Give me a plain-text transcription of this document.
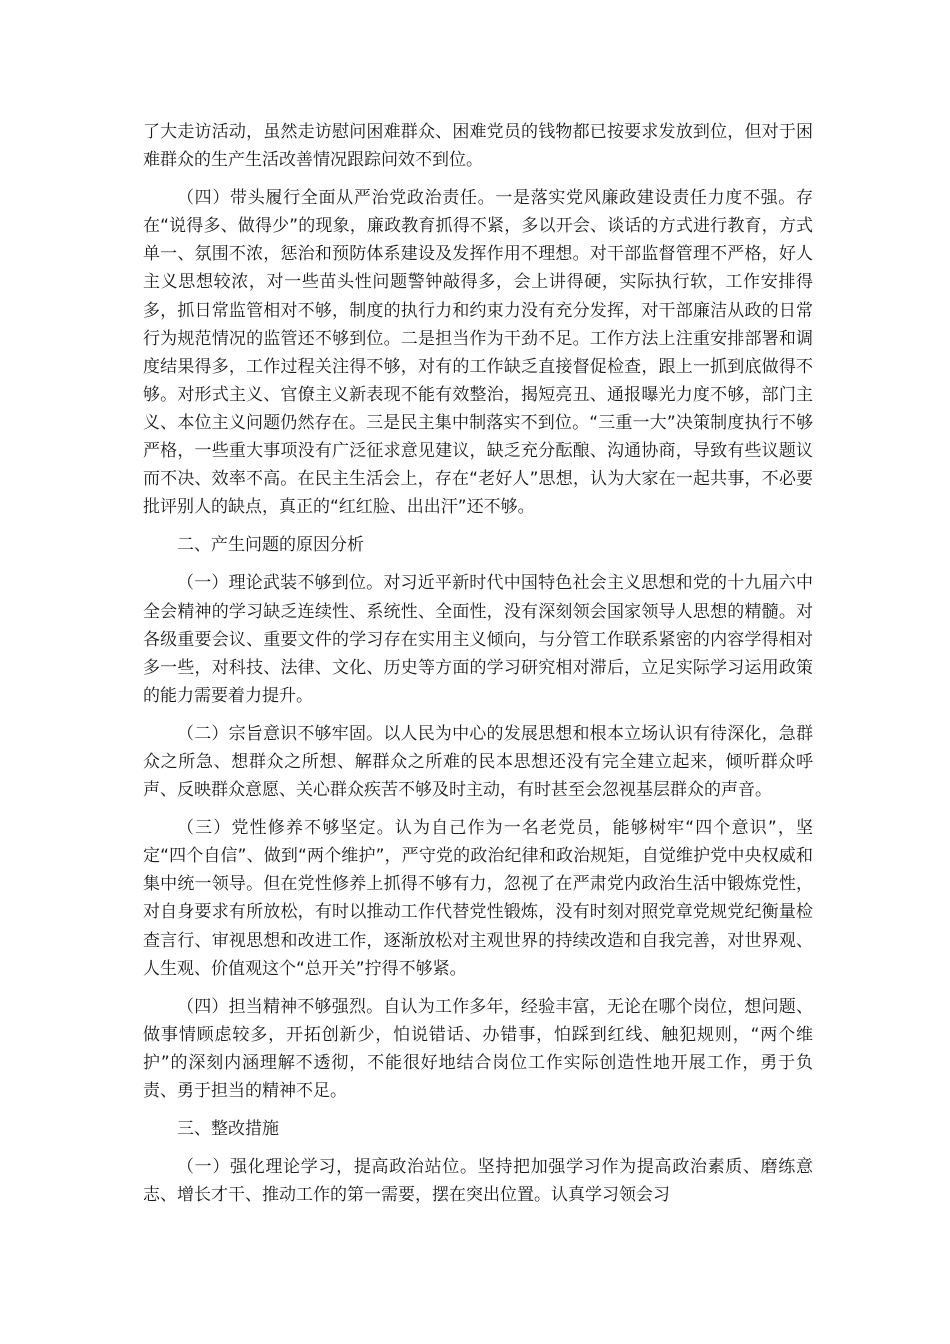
了大走访活动，虽然走访慰问困难群众、困难党员的钱物都已按要求发放到位，但对于困难群众的生产生活改善情况跟踪问效不到位。

（四）带头履行全面从严治党政治责任。一是落实党风廉政建设责任力度不强。存在“说得多、做得少”的现象，廉政教育抓得不紧，多以开会、谈话的方式进行教育，方式单一、氛围不浓，惩治和预防体系建设及发挥作用不理想。对干部监督管理不严格，好人主义思想较浓，对一些苗头性问题警钟敲得多，会上讲得硬，实际执行软，工作安排得多，抓日常监管相对不够，制度的执行力和约束力没有充分发挥，对干部廉洁从政的日常行为规范情况的监管还不够到位。二是担当作为干劲不足。工作方法上注重安排部署和调度结果得多，工作过程关注得不够，对有的工作缺乏直接督促检查，跟上一抓到底做得不够。对形式主义、官僚主义新表现不能有效整治，揭短亮丑、通报曝光力度不够，部门主义、本位主义问题仍然存在。三是民主集中制落实不到位。“三重一大”决策制度执行不够严格，一些重大事项没有广泛征求意见建议，缺乏充分酝酿、沟通协商，导致有些议题议而不决、效率不高。在民主生活会上，存在“老好人”思想，认为大家在一起共事，不必要批评别人的缺点，真正的“红红脸、出出汗”还不够。

二、产生问题的原因分析

（一）理论武装不够到位。对习近平新时代中国特色社会主义思想和党的十九届六中全会精神的学习缺乏连续性、系统性、全面性，没有深刻领会国家领导人思想的精髓。对各级重要会议、重要文件的学习存在实用主义倾向，与分管工作联系紧密的内容学得相对多一些，对科技、法律、文化、历史等方面的学习研究相对滞后，立足实际学习运用政策的能力需要着力提升。

（二）宗旨意识不够牢固。以人民为中心的发展思想和根本立场认识有待深化，急群众之所急、想群众之所想、解群众之所难的民本思想还没有完全建立起来，倾听群众呼声、反映群众意愿、关心群众疾苦不够及时主动，有时甚至会忽视基层群众的声音。

（三）党性修养不够坚定。认为自己作为一名老党员，能够树牢“四个意识”，坚定“四个自信”、做到“两个维护”，严守党的政治纪律和政治规矩，自觉维护党中央权威和集中统一领导。但在党性修养上抓得不够有力，忽视了在严肃党内政治生活中锻炼党性，对自身要求有所放松，有时以推动工作代替党性锻炼，没有时刻对照党章党规党纪衡量检查言行、审视思想和改进工作，逐渐放松对主观世界的持续改造和自我完善，对世界观、人生观、价值观这个“总开关”拧得不够紧。

（四）担当精神不够强烈。自认为工作多年，经验丰富，无论在哪个岗位，想问题、做事情顾虑较多，开拓创新少，怕说错话、办错事，怕踩到红线、触犯规则，“两个维护”的深刻内涵理解不透彻，不能很好地结合岗位工作实际创造性地开展工作，勇于负责、勇于担当的精神不足。

三、整改措施

（一）强化理论学习，提高政治站位。坚持把加强学习作为提高政治素质、磨练意志、增长才干、推动工作的第一需要，摆在突出位置。认真学习领会习
